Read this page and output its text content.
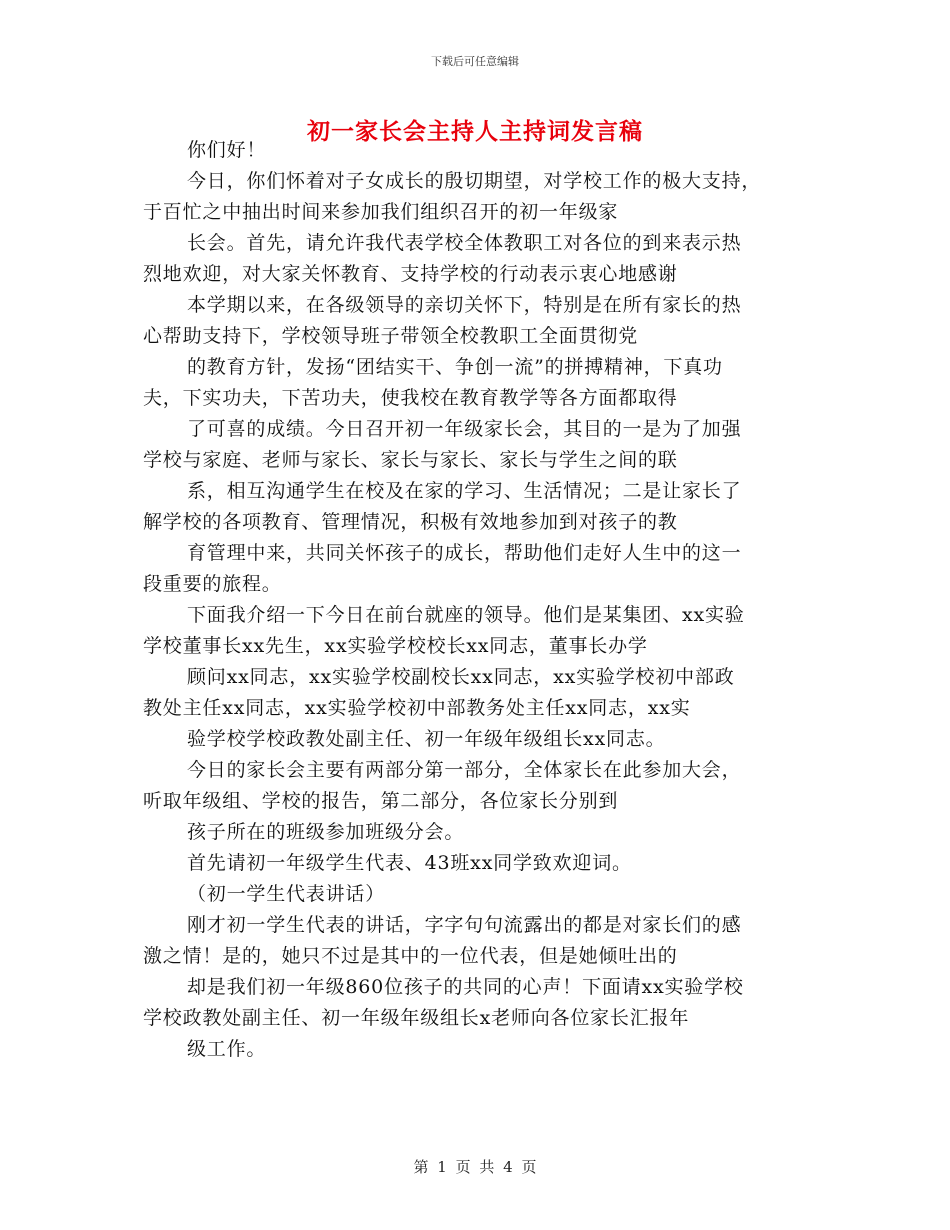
下载后可任意编辑
初一家长会主持人主持词发言稿
你们好！
今日，你们怀着对子女成长的殷切期望，对学校工作的极大支持，
于百忙之中抽出时间来参加我们组织召开的初一年级家
长会。首先，请允许我代表学校全体教职工对各位的到来表示热
烈地欢迎，对大家关怀教育、支持学校的行动表示衷心地感谢
本学期以来，在各级领导的亲切关怀下，特别是在所有家长的热
心帮助支持下，学校领导班子带领全校教职工全面贯彻党
的教育方针，发扬“团结实干、争创一流”的拼搏精神，下真功
夫，下实功夫，下苦功夫，使我校在教育教学等各方面都取得
了可喜的成绩。今日召开初一年级家长会，其目的一是为了加强
学校与家庭、老师与家长、家长与家长、家长与学生之间的联
系，相互沟通学生在校及在家的学习、生活情况；二是让家长了
解学校的各项教育、管理情况，积极有效地参加到对孩子的教
育管理中来，共同关怀孩子的成长，帮助他们走好人生中的这一
段重要的旅程。
下面我介绍一下今日在前台就座的领导。他们是某集团、xx实验
学校董事长xx先生，xx实验学校校长xx同志，董事长办学
顾问xx同志，xx实验学校副校长xx同志，xx实验学校初中部政
教处主任xx同志，xx实验学校初中部教务处主任xx同志，xx实
验学校学校政教处副主任、初一年级年级组长xx同志。
今日的家长会主要有两部分第一部分，全体家长在此参加大会，
听取年级组、学校的报告，第二部分，各位家长分别到
孩子所在的班级参加班级分会。
首先请初一年级学生代表、43班xx同学致欢迎词。
（初一学生代表讲话）
刚才初一学生代表的讲话，字字句句流露出的都是对家长们的感
激之情！是的，她只不过是其中的一位代表，但是她倾吐出的
却是我们初一年级860位孩子的共同的心声！下面请xx实验学校
学校政教处副主任、初一年级年级组长x老师向各位家长汇报年
级工作。
第 1 页 共 4 页
